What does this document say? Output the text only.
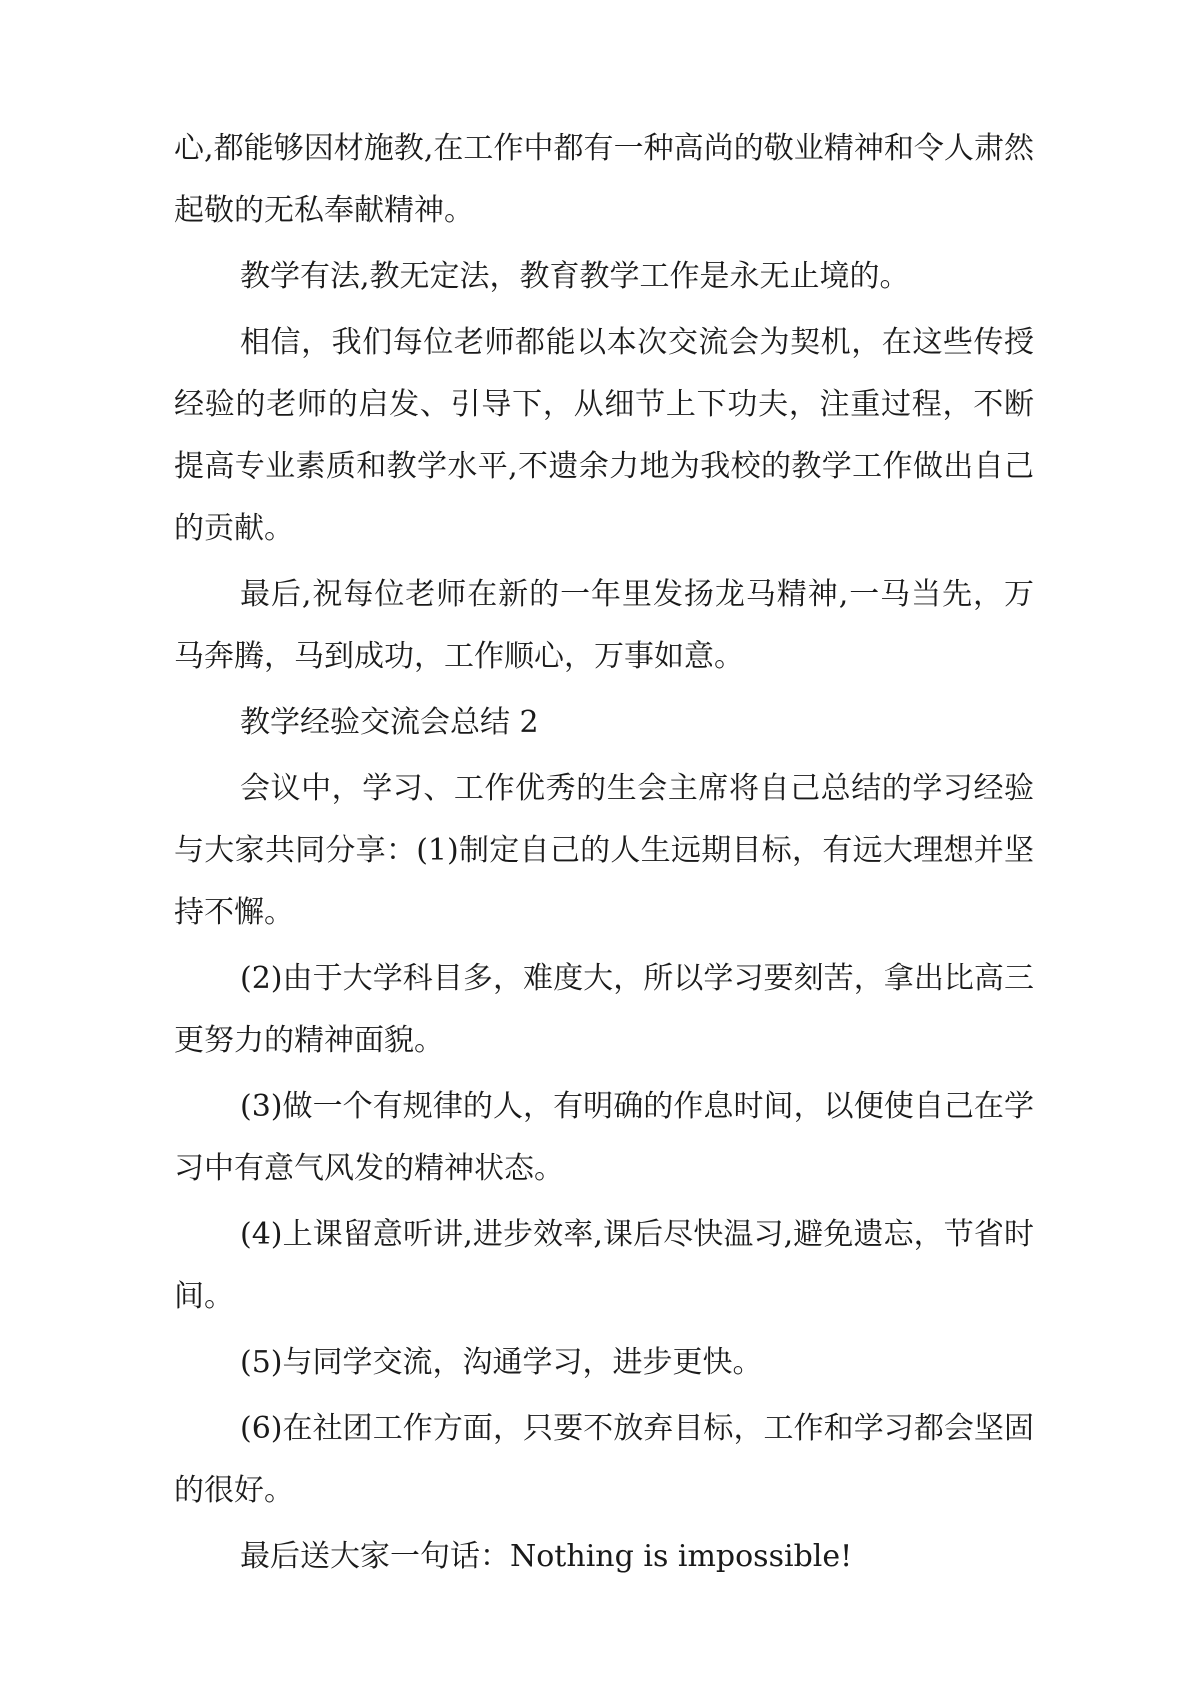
心,都能够因材施教,在工作中都有一种高尚的敬业精神和令人肃然起敬的无私奉献精神。

教学有法,教无定法，教育教学工作是永无止境的。

相信，我们每位老师都能以本次交流会为契机，在这些传授经验的老师的启发、引导下，从细节上下功夫，注重过程，不断提高专业素质和教学水平,不遗余力地为我校的教学工作做出自己的贡献。

最后,祝每位老师在新的一年里发扬龙马精神,一马当先，万马奔腾，马到成功，工作顺心，万事如意。

教学经验交流会总结 2

会议中，学习、工作优秀的生会主席将自己总结的学习经验与大家共同分享：(1)制定自己的人生远期目标，有远大理想并坚持不懈。

(2)由于大学科目多，难度大，所以学习要刻苦，拿出比高三更努力的精神面貌。

(3)做一个有规律的人，有明确的作息时间，以便使自己在学习中有意气风发的精神状态。

(4)上课留意听讲,进步效率,课后尽快温习,避免遗忘，节省时间。

(5)与同学交流，沟通学习，进步更快。

(6)在社团工作方面，只要不放弃目标，工作和学习都会坚固的很好。

最后送大家一句话：Nothing is impossible!
